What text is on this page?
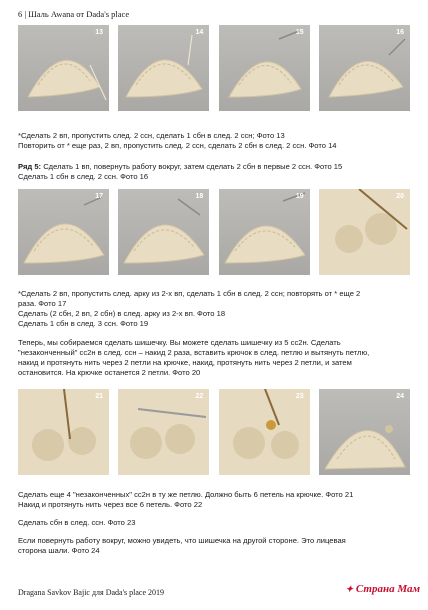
6 | Шаль Awana от Dada's place
13	14	15	16

*Сделать 2 вп, пропустить след. 2 ссн, сделать 1 сбн в след. 2 ссн; Фото 13

Повторить от * еще раз, 2 вп, пропустить след. 2 ссн, сделать 2 сбн в след. 2 ссн. Фото 14

Ряд 5: Сделать 1 вп, повернуть работу вокруг, затем сделать 2 сбн в первые 2 ссн. Фото 15

Сделать 1 сбн в след. 2 ссн. Фото 16

17	18	19	20

*Сделать 2 вп, пропустить след. арку из 2-х вп, сделать 1 сбн в след. 2 ссн; повторять от * еще 2

раза. Фото 17

Сделать (2 сбн, 2 вп, 2 сбн) в след. арку из 2-х вп. Фото 18

Сделать 1 сбн в след. 3 ссн. Фото 19

Теперь, мы собираемся сделать шишечку. Вы можете сделать шишечку из 5 сс2н. Сделать

"незаконченный" сс2н в след. ссн – накид 2 раза, вставить крючок в след. петлю и вытянуть петлю,

накид и протянуть нить через 2 петли на крючке, накид, протянуть нить через 2 петли, и затем

остановится. На крючке останется 2 петли. Фото 20

21	22	23	24

Сделать еще 4 "незаконченных" сс2н в ту же петлю. Должно быть 6 петель на крючке. Фото 21

Накид и протянуть нить через все 6 петель. Фото 22

Сделать сбн в след. ссн. Фото 23

Если повернуть работу вокруг, можно увидеть, что шишечка на другой стороне. Это лицевая

сторона шали. Фото 24

Dragana Savkov Bajic для Dada's place 2019	✦ Страна Мам
